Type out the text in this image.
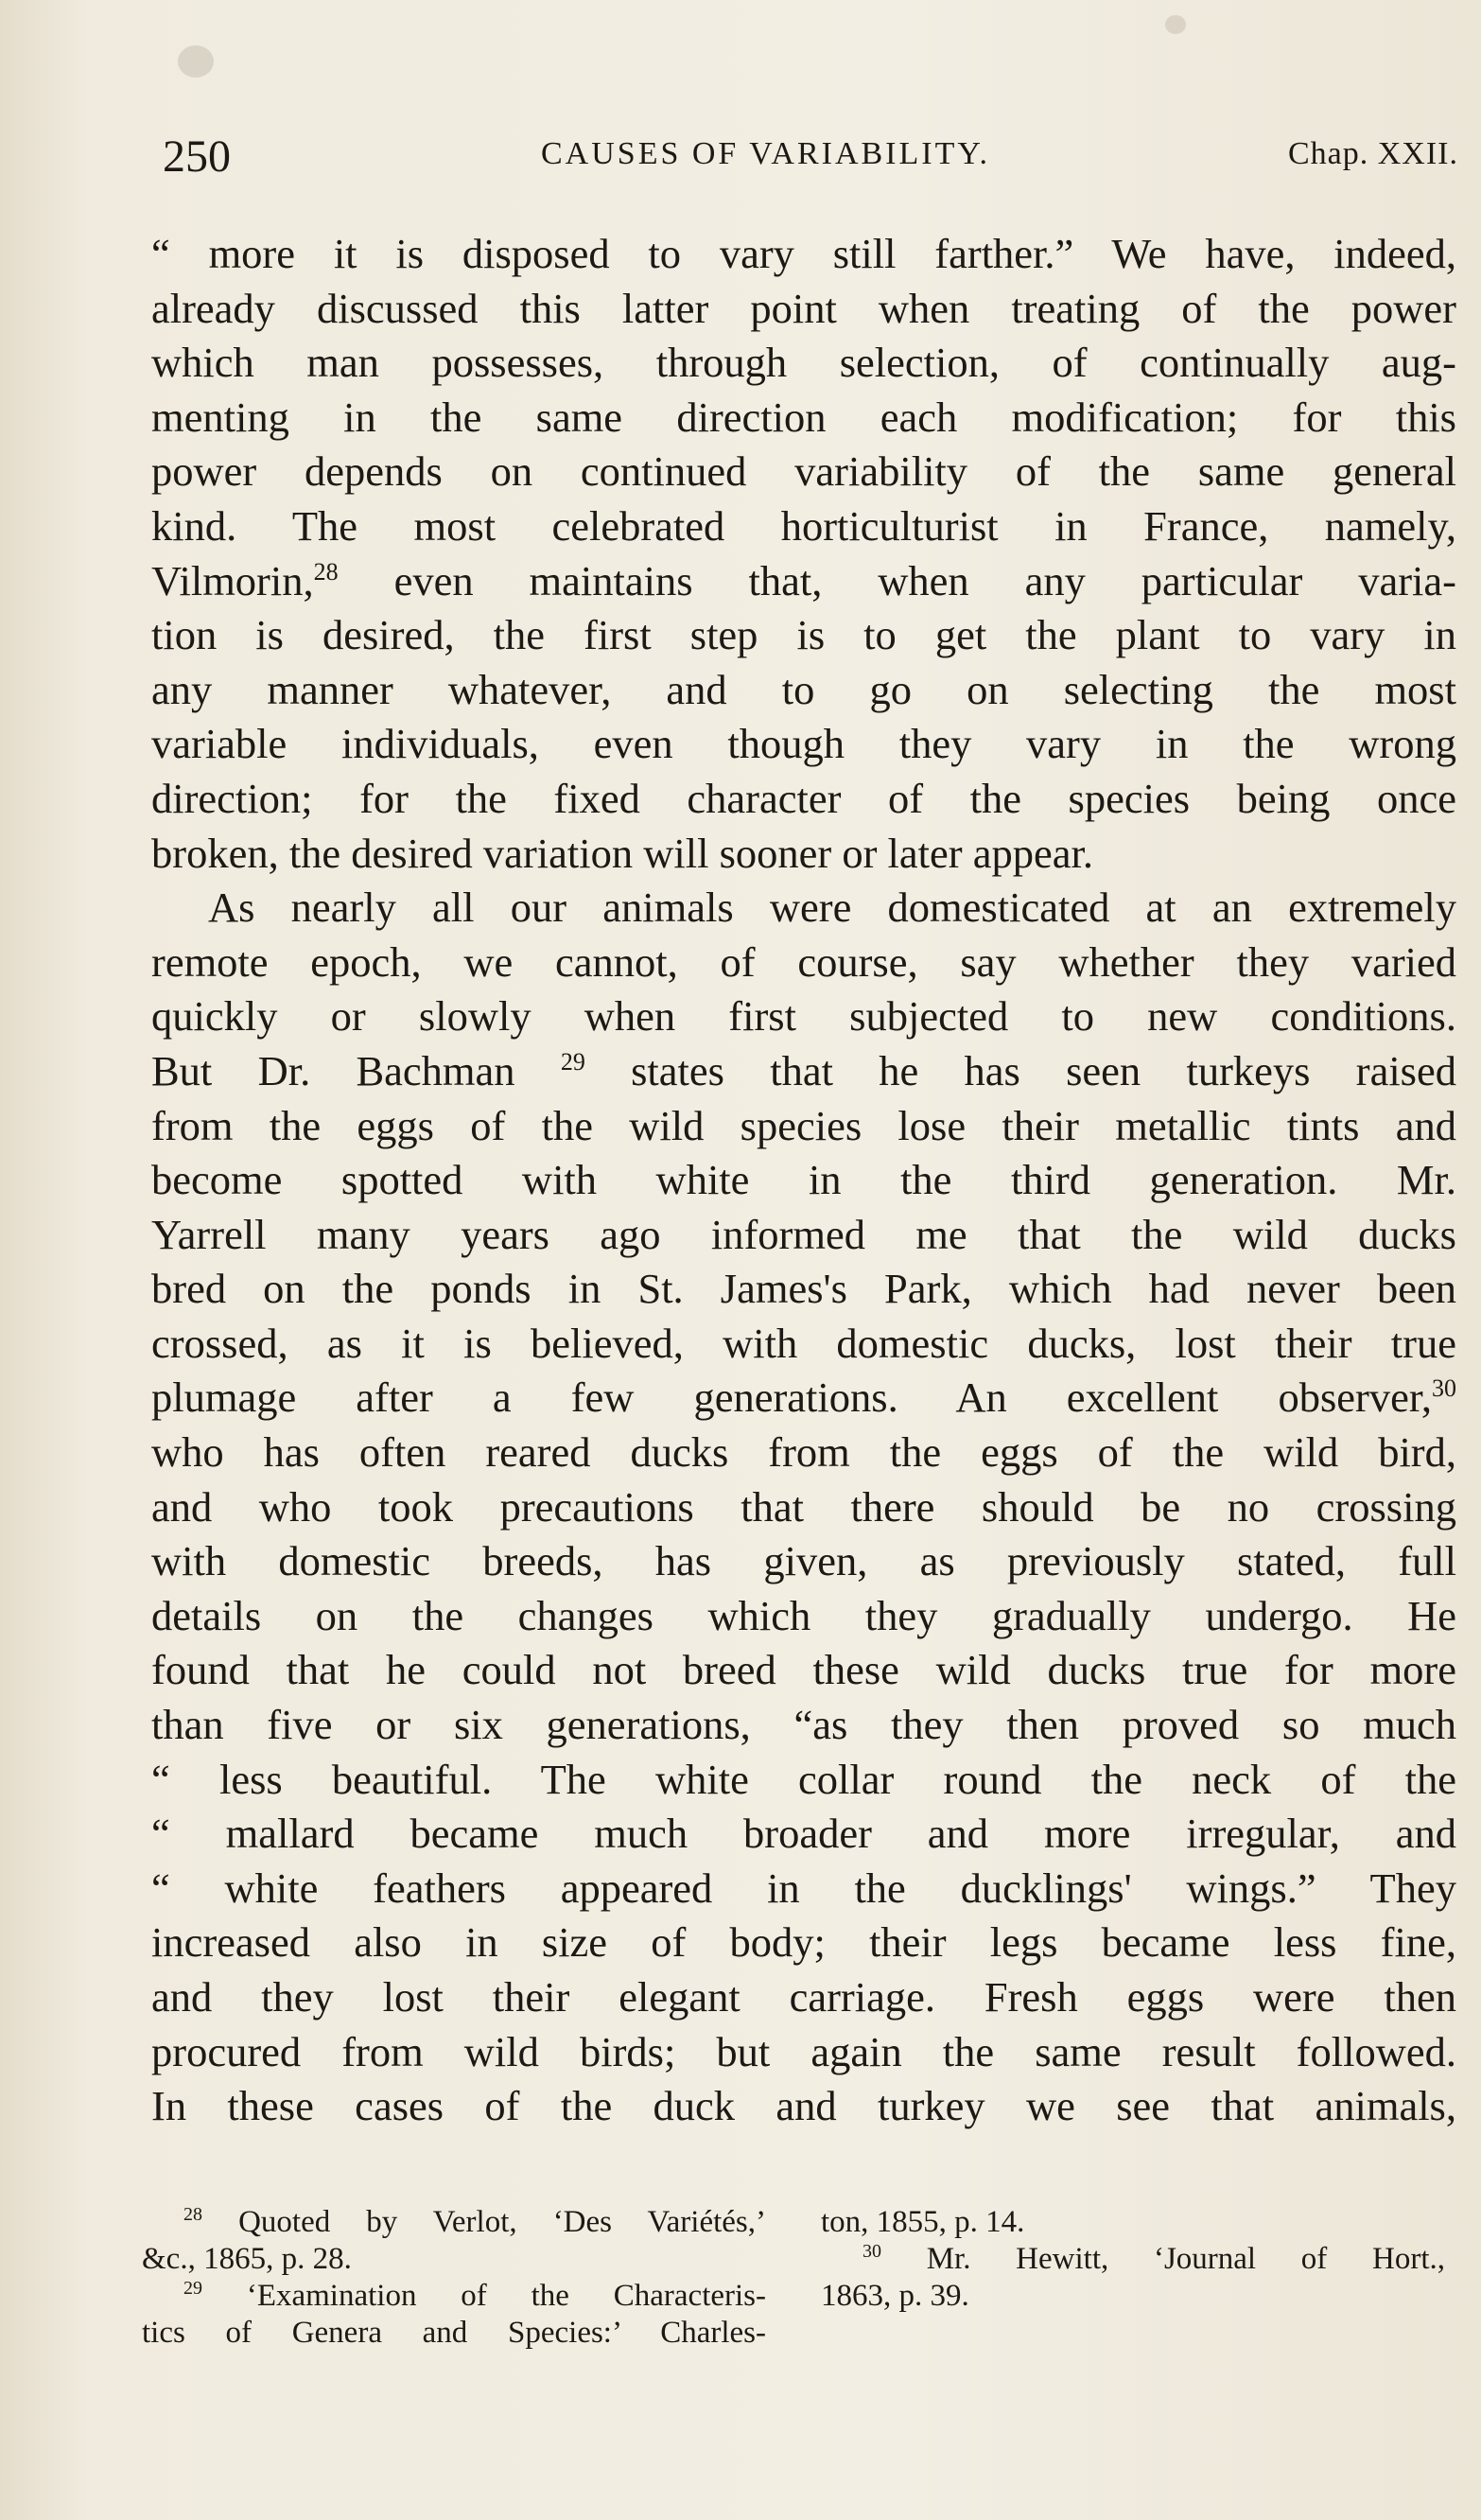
250	CAUSES OF VARIABILITY.	Chap. XXII.
“ more it is disposed to vary still farther.” We have, indeed,
already discussed this latter point when treating of the power
which man possesses, through selection, of continually aug-
menting in the same direction each modification; for this
power depends on continued variability of the same general
kind. The most celebrated horticulturist in France, namely,
Vilmorin,$^{28}$ even maintains that, when any particular varia-
tion is desired, the first step is to get the plant to vary in
any manner whatever, and to go on selecting the most
variable individuals, even though they vary in the wrong
direction; for the fixed character of the species being once
broken, the desired variation will sooner or later appear.
As nearly all our animals were domesticated at an extremely
remote epoch, we cannot, of course, say whether they varied
quickly or slowly when first subjected to new conditions.
But Dr. Bachman $^{29}$ states that he has seen turkeys raised
from the eggs of the wild species lose their metallic tints and
become spotted with white in the third generation. Mr.
Yarrell many years ago informed me that the wild ducks
bred on the ponds in St. James's Park, which had never been
crossed, as it is believed, with domestic ducks, lost their true
plumage after a few generations. An excellent observer,$^{30}$
who has often reared ducks from the eggs of the wild bird,
and who took precautions that there should be no crossing
with domestic breeds, has given, as previously stated, full
details on the changes which they gradually undergo. He
found that he could not breed these wild ducks true for more
than five or six generations, “as they then proved so much
“ less beautiful. The white collar round the neck of the
“ mallard became much broader and more irregular, and
“ white feathers appeared in the ducklings' wings.” They
increased also in size of body; their legs became less fine,
and they lost their elegant carriage. Fresh eggs were then
procured from wild birds; but again the same result followed.
In these cases of the duck and turkey we see that animals,
$^{28}$ Quoted by Verlot, ‘Des Variétés,’
&c., 1865, p. 28.
$^{29}$ ‘Examination of the Characteris-
tics of Genera and Species:’ Charles-
ton, 1855, p. 14.
$^{30}$ Mr. Hewitt, ‘Journal of Hort.,
1863, p. 39.
